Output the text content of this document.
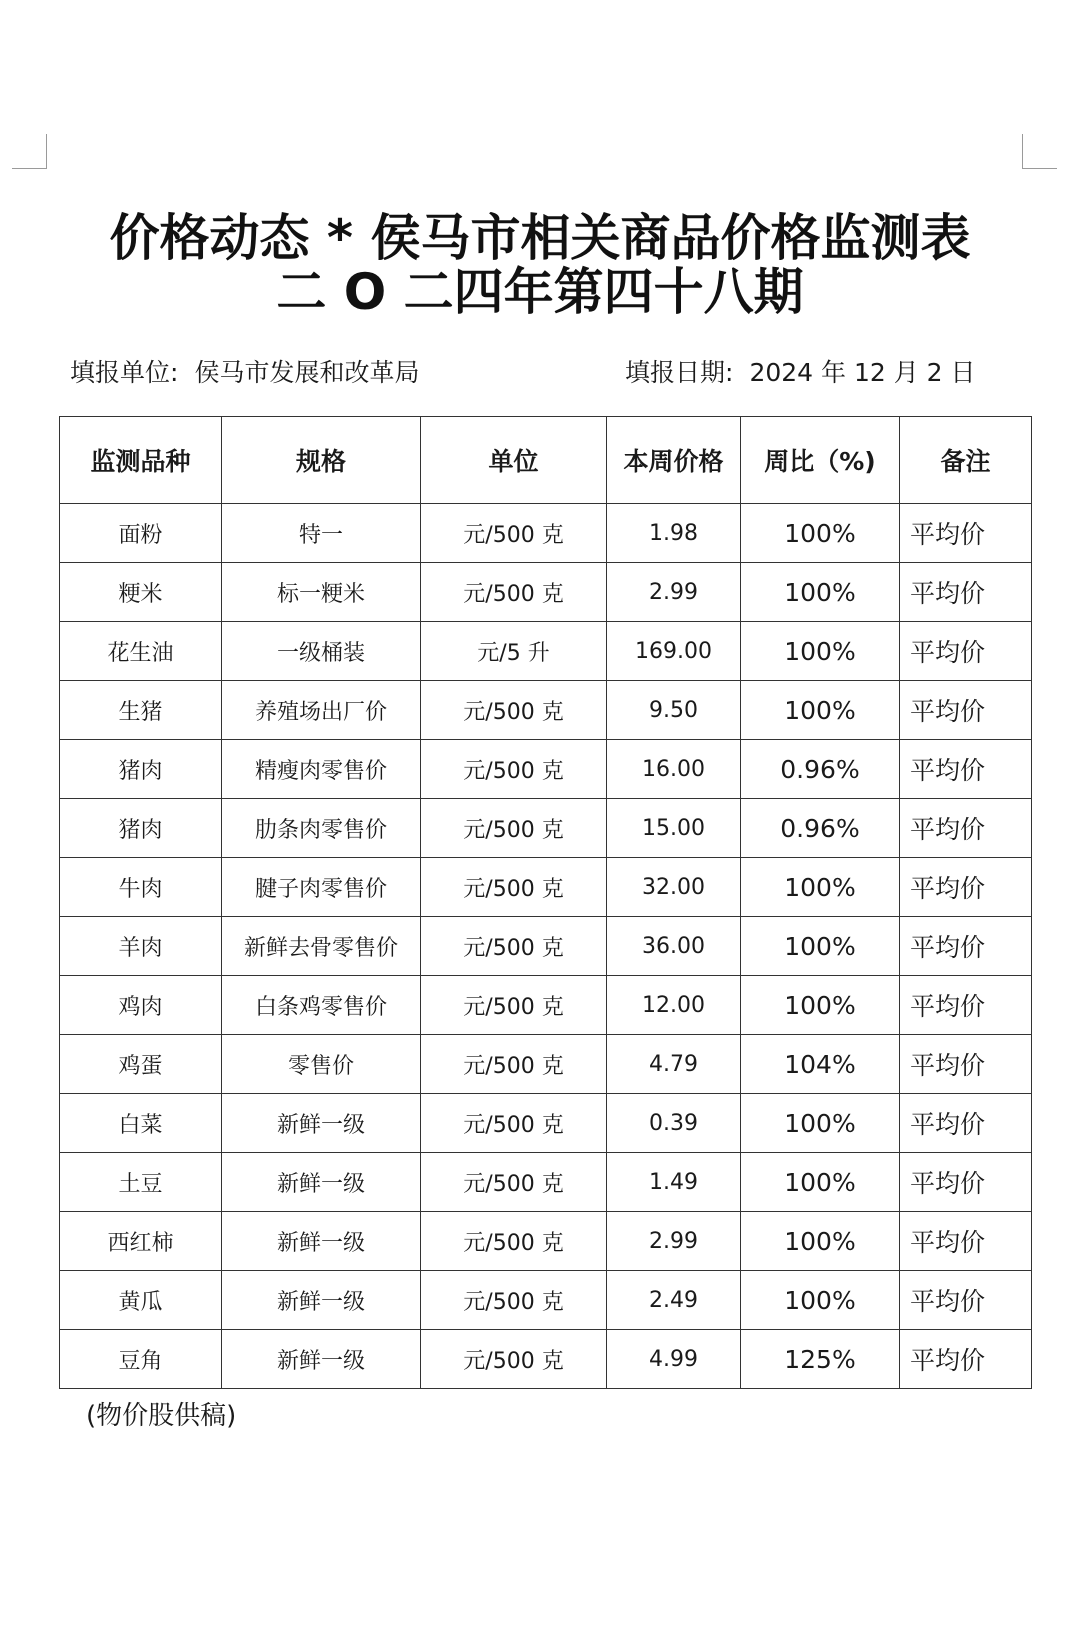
价格动态 * 侯马市相关商品价格监测表
二 O 二四年第四十八期
填报单位: 侯马市发展和改革局	填报日期: 2024 年 12 月 2 日
监测品种	规格	单位	本周价格	周比（%)	备注
面粉	特一	元/500 克	1.98	100%	平均价
粳米	标一粳米	元/500 克	2.99	100%	平均价
花生油	一级桶装	元/5 升	169.00	100%	平均价
生猪	养殖场出厂价	元/500 克	9.50	100%	平均价
猪肉	精瘦肉零售价	元/500 克	16.00	0.96%	平均价
猪肉	肋条肉零售价	元/500 克	15.00	0.96%	平均价
牛肉	腱子肉零售价	元/500 克	32.00	100%	平均价
羊肉	新鲜去骨零售价	元/500 克	36.00	100%	平均价
鸡肉	白条鸡零售价	元/500 克	12.00	100%	平均价
鸡蛋	零售价	元/500 克	4.79	104%	平均价
白菜	新鲜一级	元/500 克	0.39	100%	平均价
土豆	新鲜一级	元/500 克	1.49	100%	平均价
西红柿	新鲜一级	元/500 克	2.99	100%	平均价
黄瓜	新鲜一级	元/500 克	2.49	100%	平均价
豆角	新鲜一级	元/500 克	4.99	125%	平均价
(物价股供稿)
